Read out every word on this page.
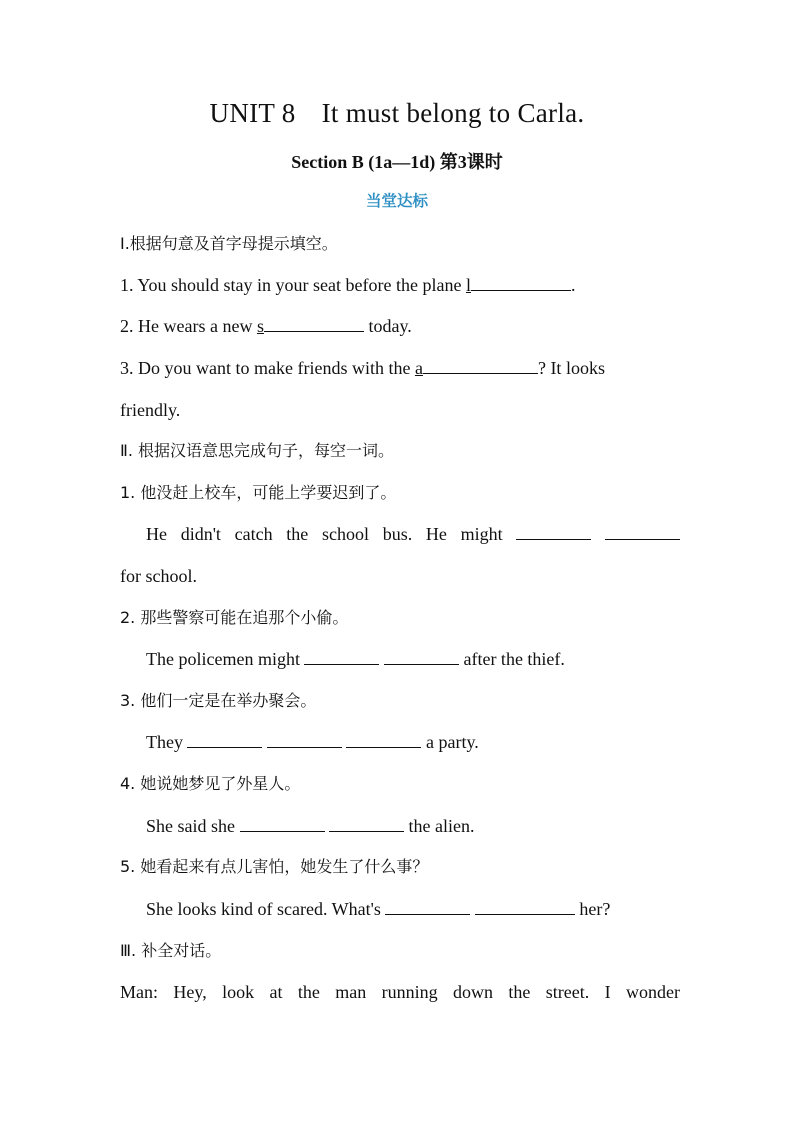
UNIT 8 It must belong to Carla.
Section B (1a—1d) 第3课时
当堂达标
Ⅰ.根据句意及首字母提示填空。
1. You should stay in your seat before the plane l	.
2. He wears a new s	today.
3. Do you want to make friends with the a	? It looks
friendly.
Ⅱ. 根据汉语意思完成句子，每空一词。
1. 他没赶上校车，可能上学要迟到了。
He didn't catch the school bus. He might
for school.
2. 那些警察可能在追那个小偷。
The policemen might	after the thief.
3. 他们一定是在举办聚会。
They	a party.
4. 她说她梦见了外星人。
She said she	the alien.
5. 她看起来有点儿害怕，她发生了什么事？
She looks kind of scared. What's	her?
Ⅲ. 补全对话。
Man: Hey, look at the man running down the street. I wonder
